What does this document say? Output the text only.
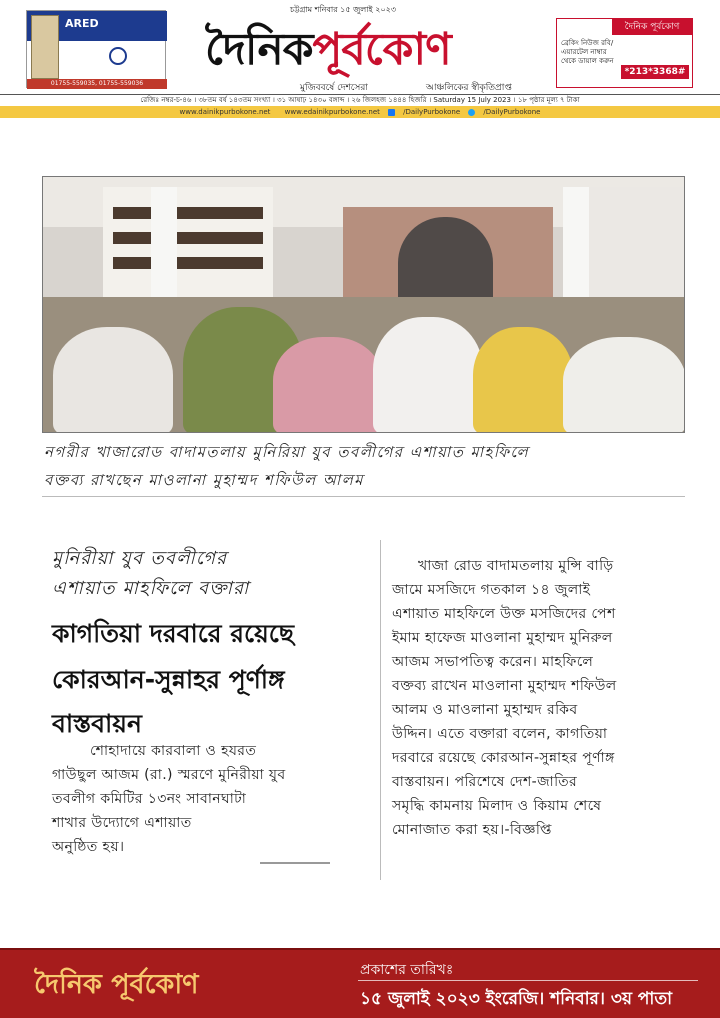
ARED
01755-559035, 01755-559036
চট্টগ্রাম শনিবার ১৫ জুলাই ২০২৩
দৈনিকপূর্বকোণ
মুজিববর্ষে দেশসেরা	আঞ্চলিকের স্বীকৃতিপ্রাপ্ত
দৈনিক পূর্বকোণ
ব্রেকিং নিউজ রবি/এয়ারটেল নাম্বার থেকে ডায়াল করুন
*213*3368#
রেজিঃ নম্বর-চ-৪৬ । ৩৮তম বর্ষ ১৪৩তম সংখ্যা । ৩১ আষাঢ় ১৪৩০ বঙ্গাব্দ । ২৬ জিলহজ ১৪৪৪ হিজরি । Saturday 15 July 2023 । ১৮ পৃষ্ঠার মূল্য ৭ টাকা
www.dainikpurbokone.net www.edainikpurbokone.net	/DailyPurbokone	/DailyPurbokone
নগরীর খাজারোড বাদামতলায় মুনিরিয়া যুব তবলীগের এশায়াত মাহফিলে
বক্তব্য রাখছেন মাওলানা মুহাম্মদ শফিউল আলম
মুনিরীয়া যুব তবলীগের
এশায়াত মাহফিলে বক্তারা
কাগতিয়া দরবারে রয়েছে
কোরআন-সুন্নাহর পূর্ণাঙ্গ
বাস্তবায়ন
শোহাদায়ে কারবালা ও হযরত
গাউছুল আজম (রা.) স্মরণে মুনিরীয়া যুব
তবলীগ কমিটির ১৩নং সাবানঘাটা
শাখার উদ্যোগে এশায়াত
অনুষ্ঠিত হয়।
খাজা রোড বাদামতলায় মুন্সি বাড়ি
জামে মসজিদে গতকাল ১৪ জুলাই
এশায়াত মাহফিলে উক্ত মসজিদের পেশ
ইমাম হাফেজ মাওলানা মুহাম্মদ মুনিরুল
আজম সভাপতিত্ব করেন। মাহফিলে
বক্তব্য রাখেন মাওলানা মুহাম্মদ শফিউল
আলম ও মাওলানা মুহাম্মদ রকিব
উদ্দিন। এতে বক্তারা বলেন, কাগতিয়া
দরবারে রয়েছে কোরআন-সুন্নাহর পূর্ণাঙ্গ
বাস্তবায়ন। পরিশেষে দেশ-জাতির
সমৃদ্ধি কামনায় মিলাদ ও কিয়াম শেষে
মোনাজাত করা হয়।-বিজ্ঞপ্তি
দৈনিক পূর্বকোণ	প্রকাশের তারিখঃ
১৫ জুলাই ২০২৩ ইংরেজি। শনিবার। ৩য় পাতা
